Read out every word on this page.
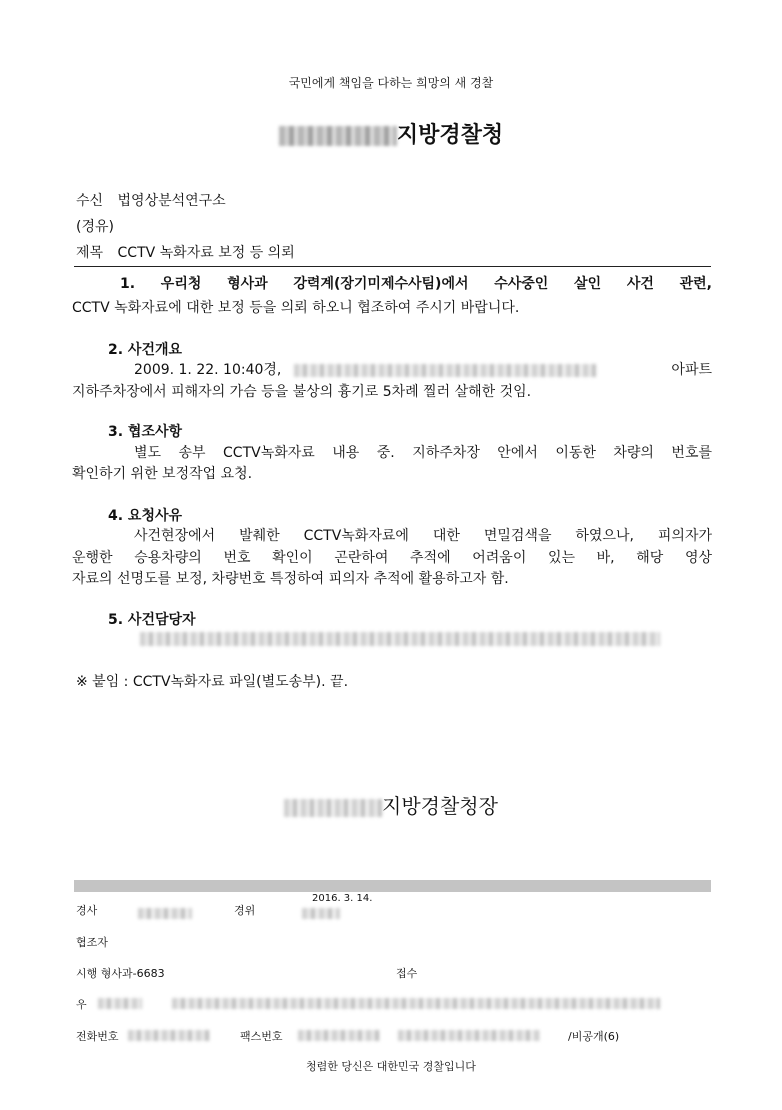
국민에게 책임을 다하는 희망의 새 경찰
지방경찰청
수신 법영상분석연구소
(경유)
제목 CCTV 녹화자료 보정 등 의뢰
1. 우리청 형사과 강력계(장기미제수사팀)에서 수사중인 살인 사건 관련,
CCTV 녹화자료에 대한 보정 등을 의뢰 하오니 협조하여 주시기 바랍니다.
2. 사건개요
2009. 1. 22. 10:40경,	아파트
지하주차장에서 피해자의 가슴 등을 불상의 흉기로 5차례 찔러 살해한 것임.
3. 협조사항
별도 송부 CCTV녹화자료 내용 중. 지하주차장 안에서 이동한 차량의 번호를
확인하기 위한 보정작업 요청.
4. 요청사유
사건현장에서 발췌한 CCTV녹화자료에 대한 면밀검색을 하였으나, 피의자가
운행한 승용차량의 번호 확인이 곤란하여 추적에 어려움이 있는 바, 해당 영상
자료의 선명도를 보정, 차량번호 특정하여 피의자 추적에 활용하고자 함.
5. 사건담당자
※ 붙임 : CCTV녹화자료 파일(별도송부). 끝.
지방경찰청장
경사	경위
2016. 3. 14.
협조자
시행 형사과-6683	접수
우
전화번호	팩스번호	/비공개(6)
청렴한 당신은 대한민국 경찰입니다
